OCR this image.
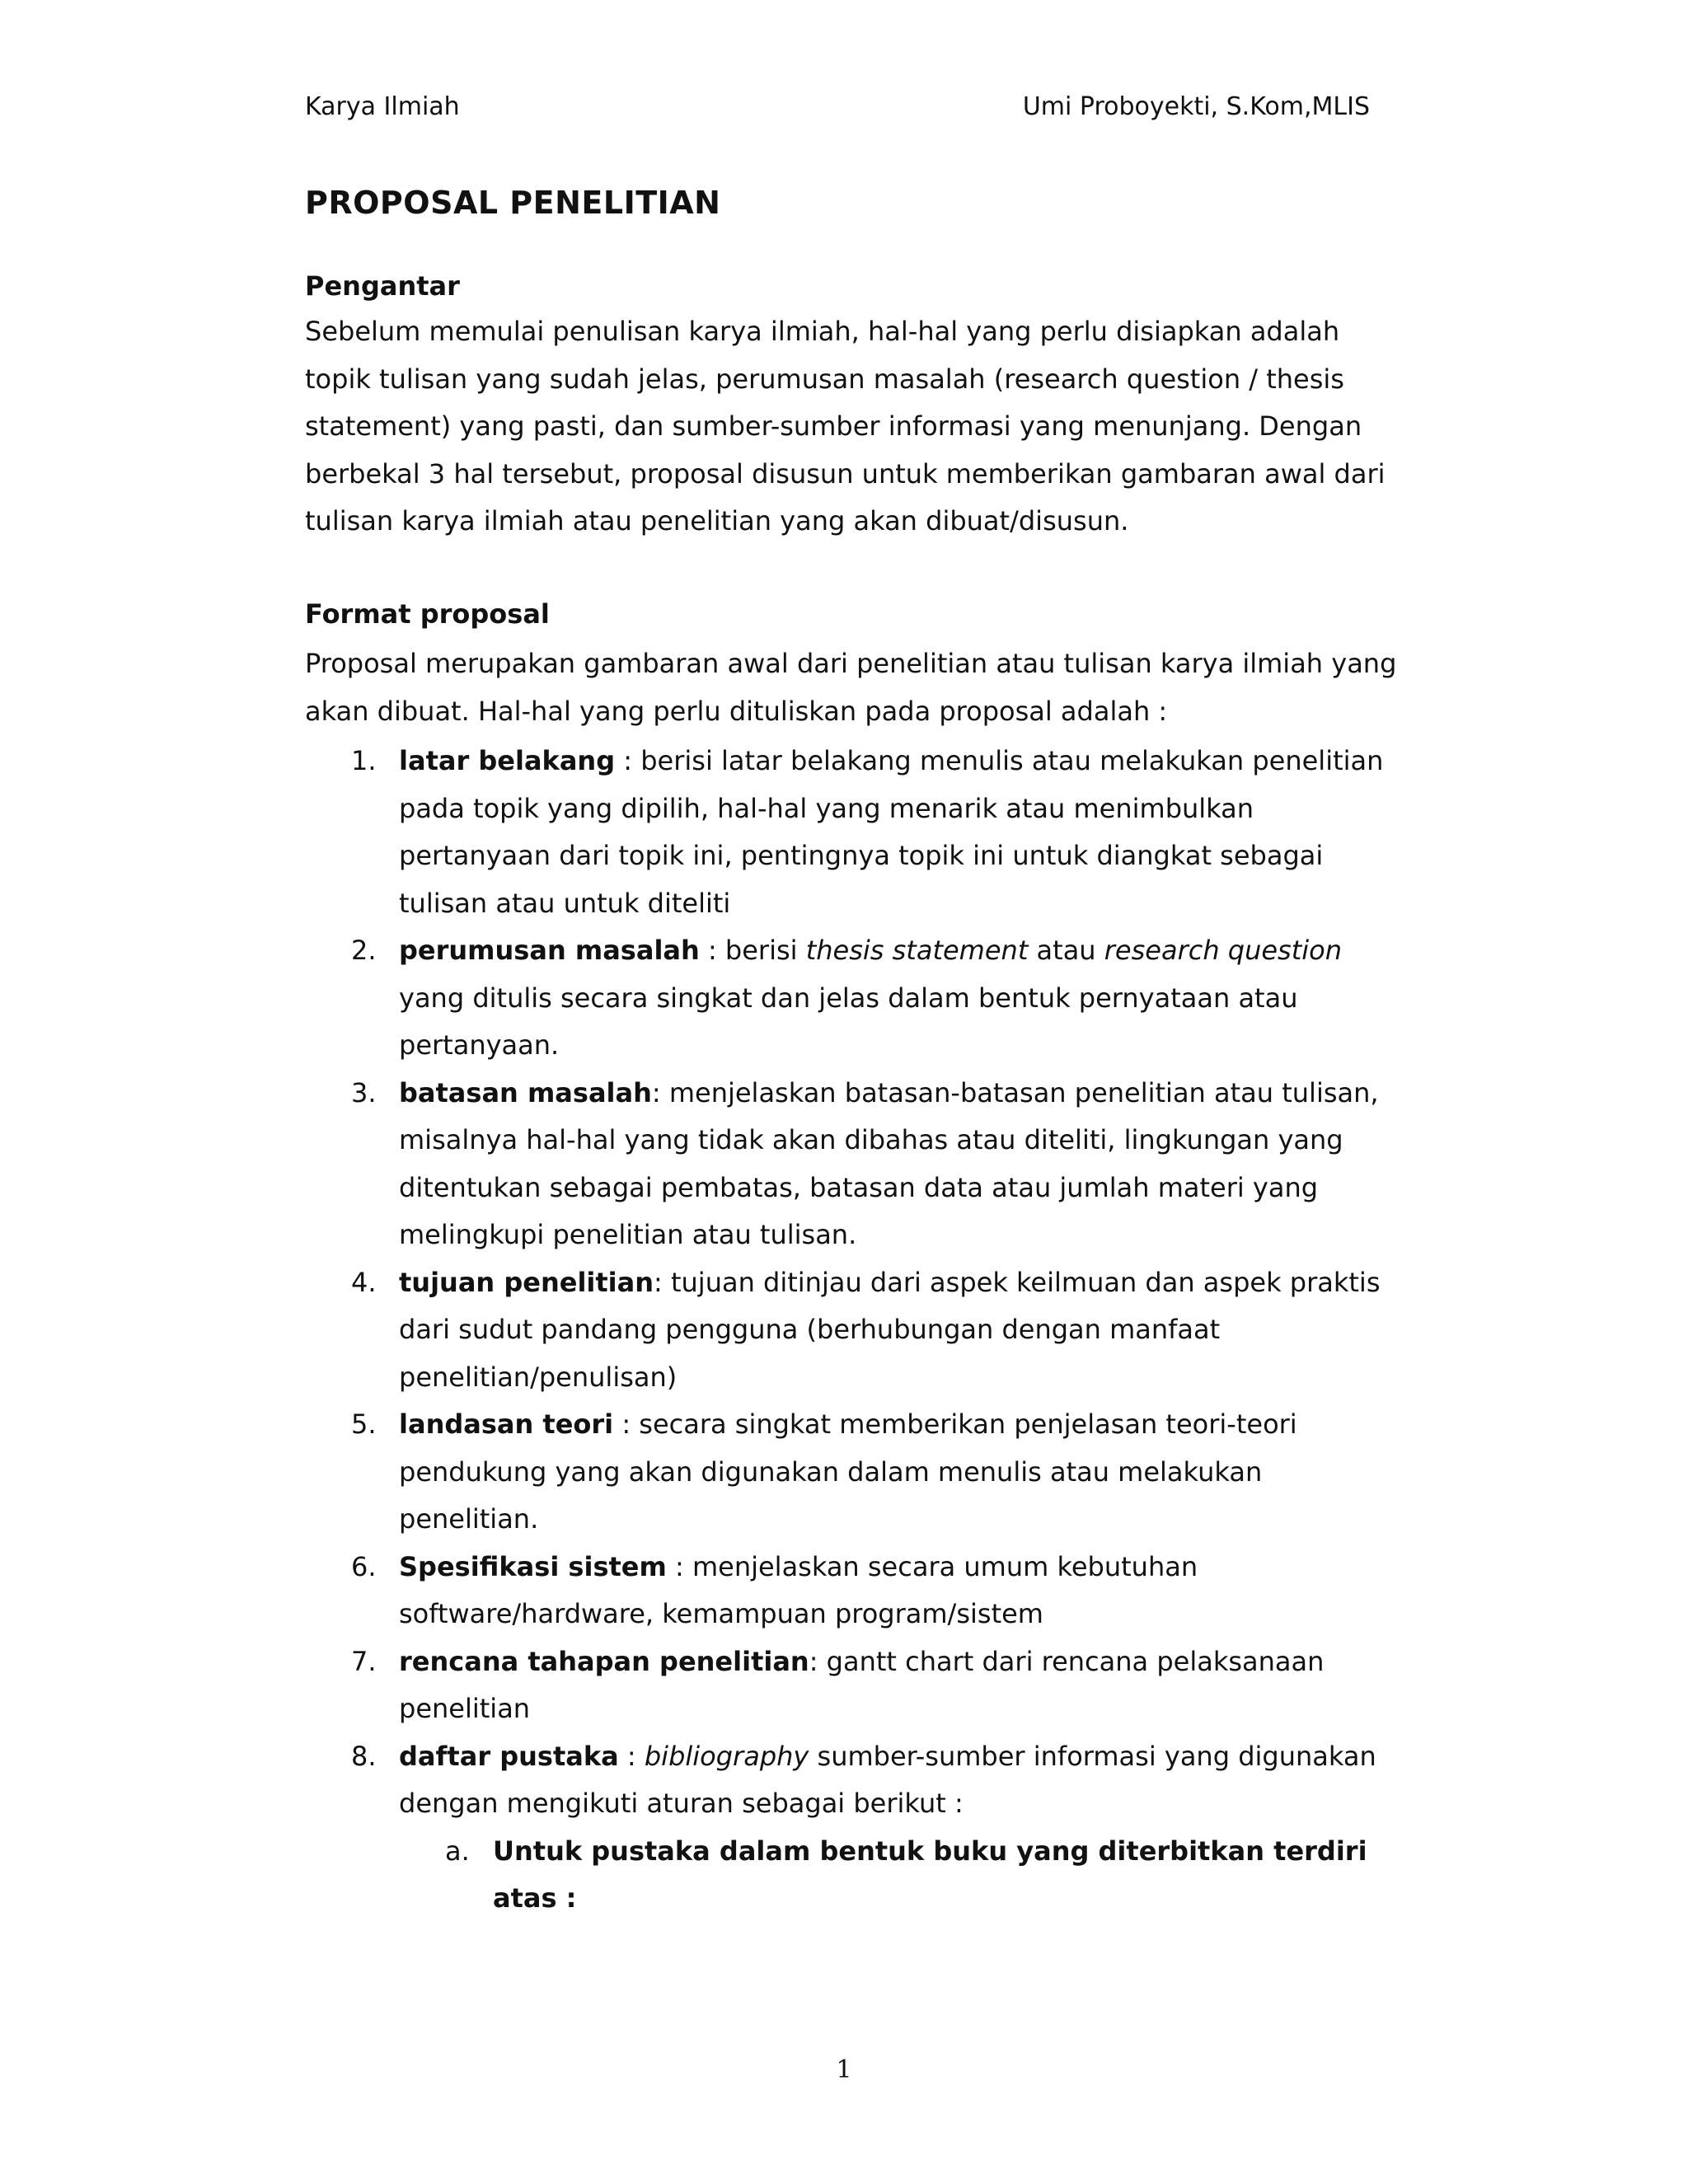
Karya Ilmiah	Umi Proboyekti, S.Kom,MLIS
PROPOSAL PENELITIAN
Pengantar
Sebelum memulai penulisan karya ilmiah, hal-hal yang perlu disiapkan adalah
topik tulisan yang sudah jelas, perumusan masalah (research question / thesis
statement) yang pasti, dan sumber-sumber informasi yang menunjang. Dengan
berbekal 3 hal tersebut, proposal disusun untuk memberikan gambaran awal dari
tulisan karya ilmiah atau penelitian yang akan dibuat/disusun.
Format proposal
Proposal merupakan gambaran awal dari penelitian atau tulisan karya ilmiah yang
akan dibuat. Hal-hal yang perlu dituliskan pada proposal adalah :
1. latar belakang : berisi latar belakang menulis atau melakukan penelitian
pada topik yang dipilih, hal-hal yang menarik atau menimbulkan
pertanyaan dari topik ini, pentingnya topik ini untuk diangkat sebagai
tulisan atau untuk diteliti
2. perumusan masalah : berisi thesis statement atau research question
yang ditulis secara singkat dan jelas dalam bentuk pernyataan atau
pertanyaan.
3. batasan masalah: menjelaskan batasan-batasan penelitian atau tulisan,
misalnya hal-hal yang tidak akan dibahas atau diteliti, lingkungan yang
ditentukan sebagai pembatas, batasan data atau jumlah materi yang
melingkupi penelitian atau tulisan.
4. tujuan penelitian: tujuan ditinjau dari aspek keilmuan dan aspek praktis
dari sudut pandang pengguna (berhubungan dengan manfaat
penelitian/penulisan)
5. landasan teori : secara singkat memberikan penjelasan teori-teori
pendukung yang akan digunakan dalam menulis atau melakukan
penelitian.
6. Spesifikasi sistem : menjelaskan secara umum kebutuhan
software/hardware, kemampuan program/sistem
7. rencana tahapan penelitian: gantt chart dari rencana pelaksanaan
penelitian
8. daftar pustaka : bibliography sumber-sumber informasi yang digunakan
dengan mengikuti aturan sebagai berikut :
a. Untuk pustaka dalam bentuk buku yang diterbitkan terdiri
atas :
1
